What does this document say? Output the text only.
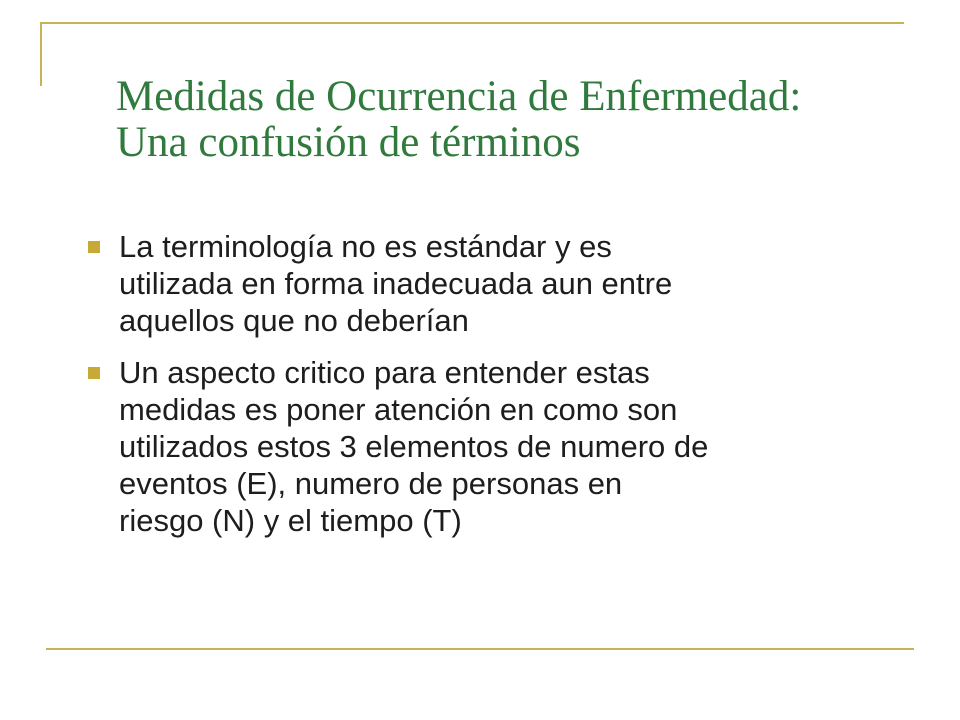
Medidas de Ocurrencia de Enfermedad:
Una confusión de términos
La terminología no es estándar y es
utilizada en forma inadecuada aun entre
aquellos que no deberían
Un aspecto critico para entender estas
medidas es poner atención en como son
utilizados estos 3 elementos de numero de
eventos (E), numero de personas en
riesgo (N) y el tiempo (T)
